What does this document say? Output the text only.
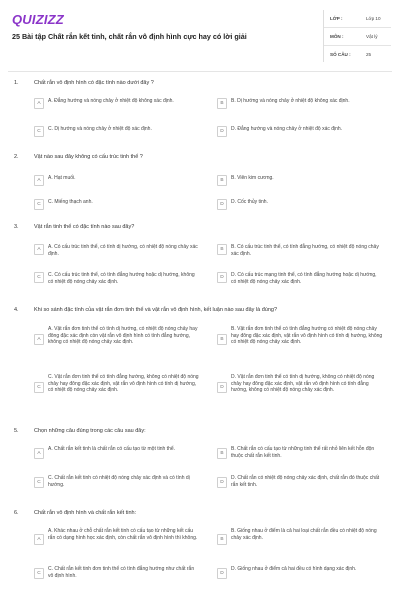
QUIZIZZ
25 Bài tập Chất rắn kết tinh, chất rắn vô định hình cực hay có lời giải
LỚP :	Lớp 10
MÔN :	Vật lý
SỐ CÂU :	25
1.	Chất rắn vô định hình có đặc tính nào dưới đây ?
A	A. Đẳng hướng và nóng chảy ở nhiệt độ không xác định.	B	B. Dị hướng và nóng chảy ở nhiệt độ không xác định.
C	C. Dị hướng và nóng chảy ở nhiệt độ xác định.	D	D. Đẳng hướng và nóng chảy ở nhiệt độ xác định.
2.	Vật nào sau đây không có cấu trúc tinh thể ?
A	A. Hạt muối.	B	B. Viên kim cương.
C	C. Miếng thạch anh.	D	D. Cốc thủy tinh.
3.	Vật rắn tinh thể có đặc tính nào sau đây?
A	A. Có cấu trúc tinh thể, có tính dị hướng, có nhiệt độ nóng chảy xác định.
B	B. Có cấu trúc tinh thể, có tính đẳng hướng, có nhiệt độ nóng chảy xác định.
C	C. Có cấu trúc tinh thể, có tính đẳng hướng hoặc dị hướng, không có nhiệt độ nóng chảy xác định.
D	D. Có cấu trúc mạng tinh thể, có tính đẳng hướng hoặc dị hướng, có nhiệt độ nóng chảy xác định.
4.	Khi so sánh đặc tính của vật rắn đơn tinh thể và vật rắn vô định hình, kết luận nào sau đây là đúng?
A
A. Vật rắn đơn tinh thể có tính dị hướng, có nhiệt độ nóng chảy hay đông đặc xác định còn vật rắn vô định hình có tính đẳng hướng, không có nhiệt độ nóng chảy xác định.	B
B. Vật rắn đơn tinh thể có tính đẳng hướng có nhiệt độ nóng chảy hay đông đặc xác định, vật rắn vô định hình có tính dị hướng, không có nhiệt độ nóng chảy xác định.
C
C. Vật rắn đơn tinh thể có tính đẳng hướng, không có nhiệt độ nóng chảy hay đông đặc xác định, vật rắn vô định hình có tính dị hướng, có nhiệt độ nóng chảy xác định.	D
D. Vật rắn đơn tinh thể có tính dị hướng, không có nhiệt độ nóng chảy hay đông đặc xác định, vật rắn vô định hình có tính đẳng hướng, không có nhiệt độ nóng chảy xác định.
5.	Chọn những câu đúng trong các câu sau đây:
A
A. Chất rắn kết tinh là chất rắn có cấu tạo từ một tinh thể.
B
B. Chất rắn có cấu tạo từ những tinh thể rất nhỏ liên kết hỗn độn thuộc chất rắn kết tinh.
C
C. Chất rắn kết tinh có nhiệt độ nóng chảy xác định và có tính dị hướng.	D
D. Chất rắn có nhiệt độ nóng chảy xác định, chất rắn đó thuộc chất rắn kết tinh.
6.	Chất rắn vô định hình và chất rắn kết tinh:
A
A. Khác nhau ở chỗ chất rắn kết tinh có cấu tạo từ những kết cấu rắn có dạng hình học xác định, còn chất rắn vô định hình thì không.	B
B. Giống nhau ở điểm là cả hai loại chất rắn đều có nhiệt độ nóng chảy xác định.
C
C. Chất rắn kết tinh đơn tinh thể có tính đẳng hướng như chất rắn vô định hình.	D
D. Giống nhau ở điểm cả hai đều có hình dạng xác định.
